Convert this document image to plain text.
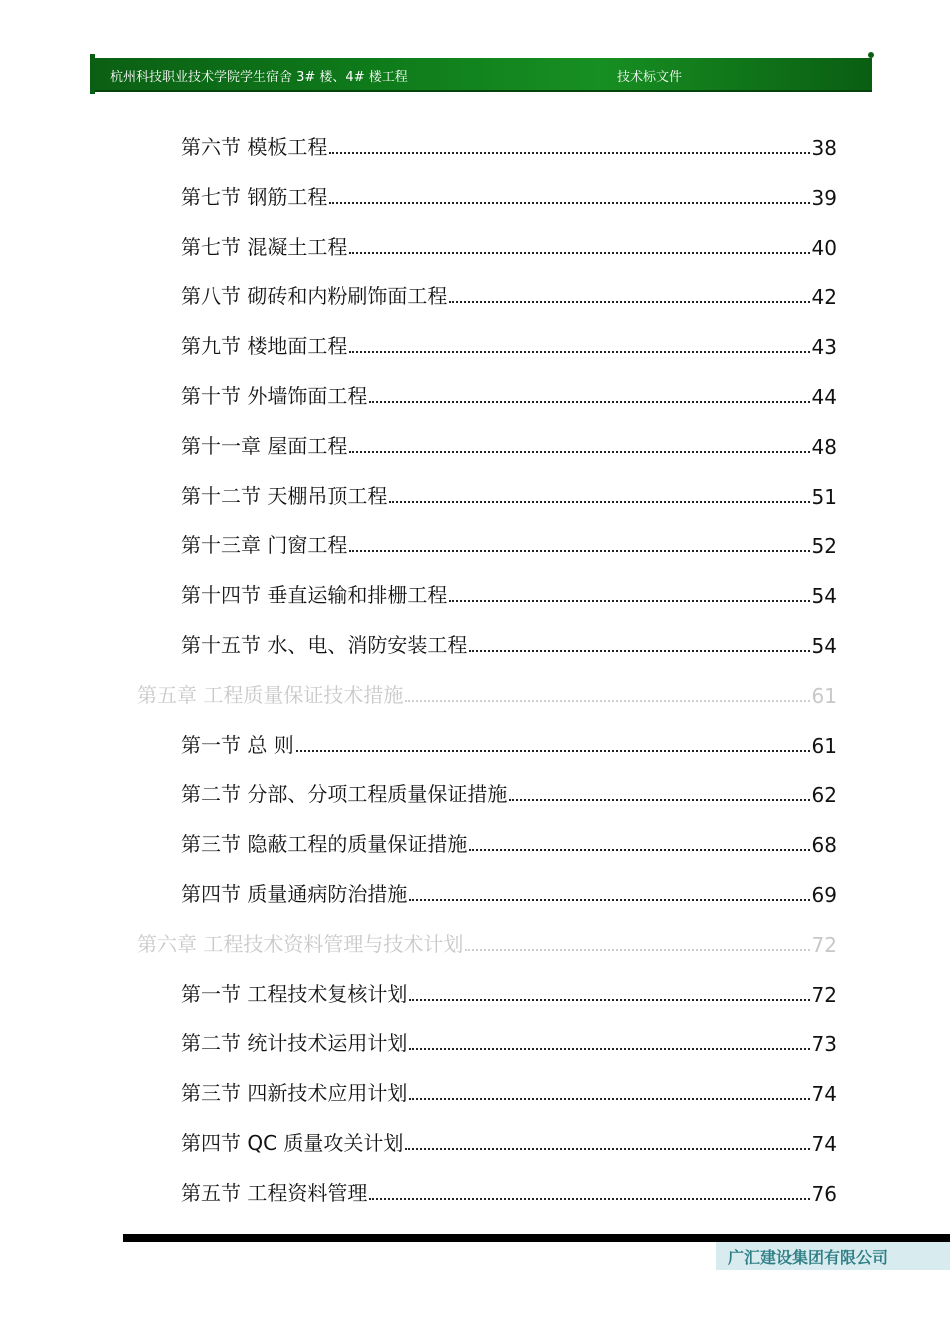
杭州科技职业技术学院学生宿舍 3# 楼、4# 楼工程	技术标文件
第六节 模板工程	38
第七节 钢筋工程	39
第七节 混凝土工程	40
第八节 砌砖和内粉刷饰面工程	42
第九节 楼地面工程	43
第十节 外墙饰面工程	44
第十一章 屋面工程	48
第十二节 天棚吊顶工程	51
第十三章 门窗工程	52
第十四节 垂直运输和排栅工程	54
第十五节 水、电、消防安装工程	54
第五章 工程质量保证技术措施	61
第一节 总 则	61
第二节 分部、分项工程质量保证措施	62
第三节 隐蔽工程的质量保证措施	68
第四节 质量通病防治措施	69
第六章 工程技术资料管理与技术计划	72
第一节 工程技术复核计划	72
第二节 统计技术运用计划	73
第三节 四新技术应用计划	74
第四节 QC 质量攻关计划	74
第五节 工程资料管理	76
广汇建设集团有限公司
